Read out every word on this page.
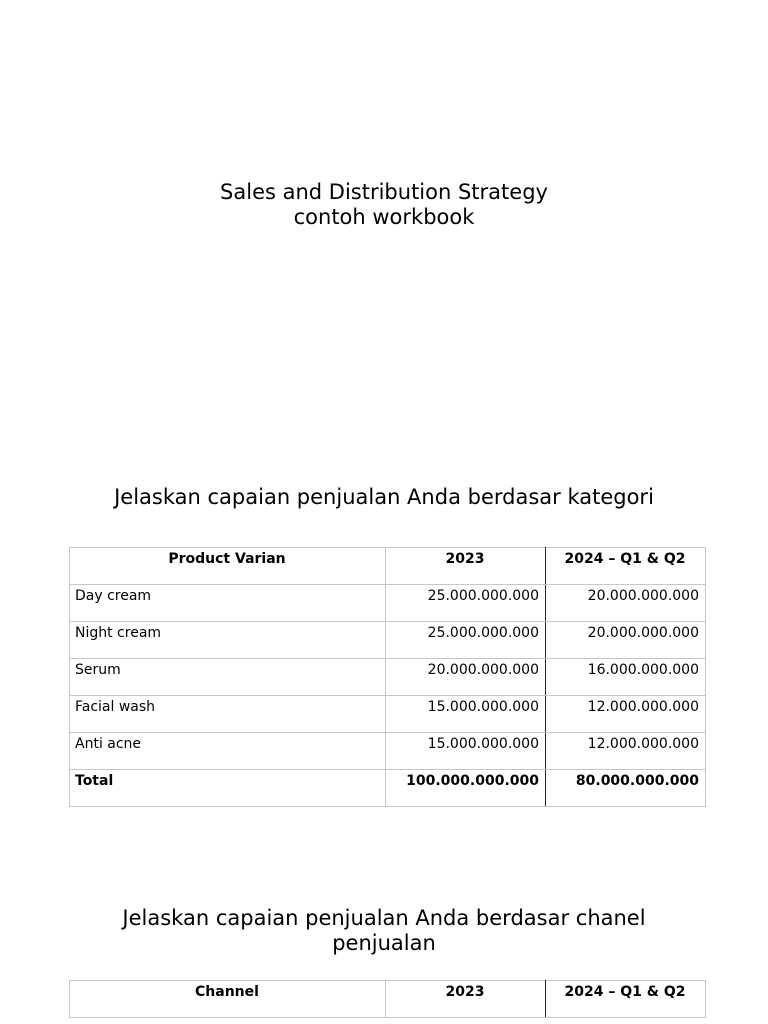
Sales and Distribution Strategy
contoh workbook
Jelaskan capaian penjualan Anda berdasar kategori
Product Varian	2023	2024 – Q1 & Q2
Day cream	25.000.000.000	20.000.000.000
Night cream	25.000.000.000	20.000.000.000
Serum	20.000.000.000	16.000.000.000
Facial wash	15.000.000.000	12.000.000.000
Anti acne	15.000.000.000	12.000.000.000
Total	100.000.000.000	80.000.000.000
Jelaskan capaian penjualan Anda berdasar chanel
penjualan
Channel	2023	2024 – Q1 & Q2
